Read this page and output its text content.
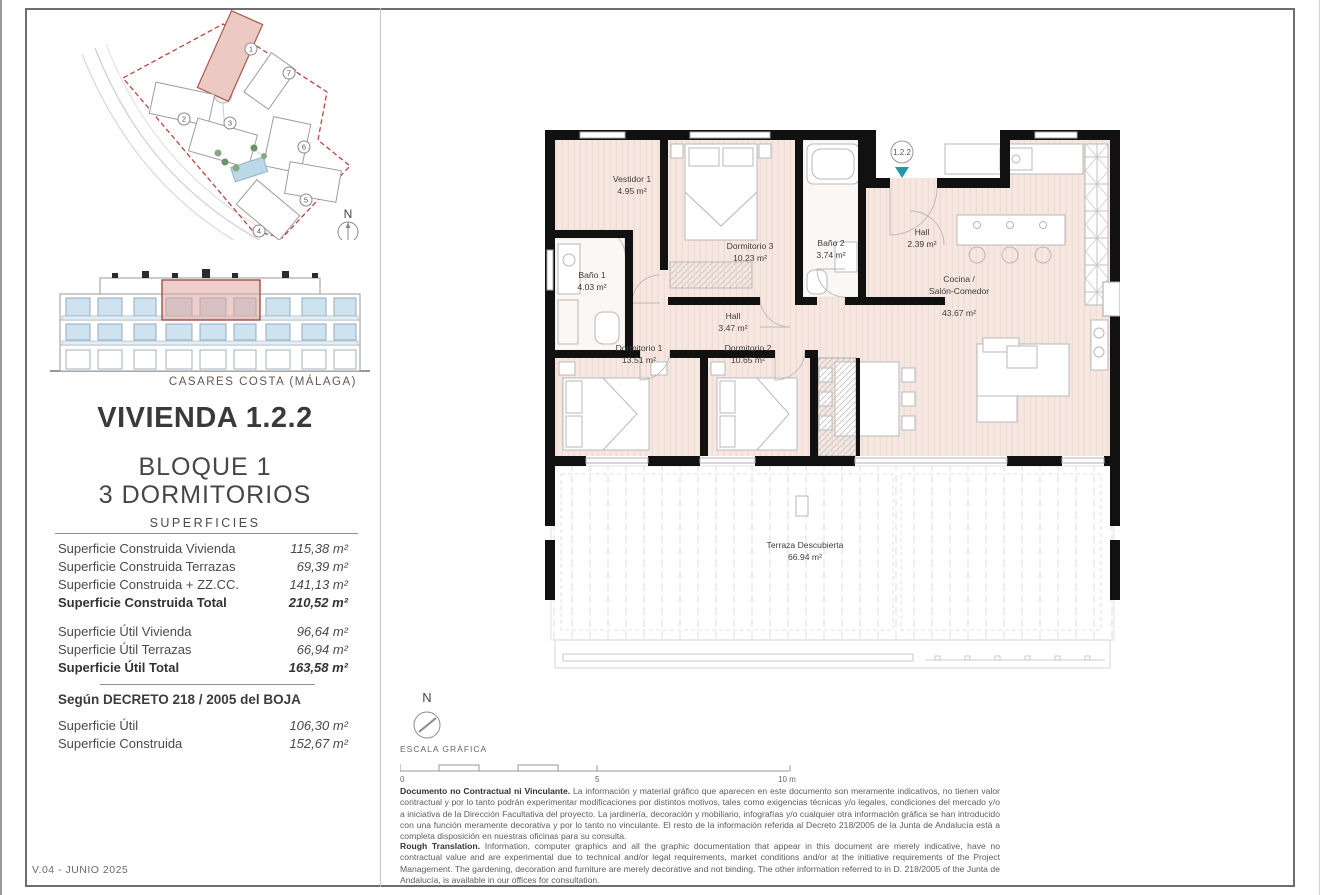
1
7
2	3
6
5
4
N
CASARES COSTA (MÁLAGA)
VIVIENDA 1.2.2
BLOQUE 1
3 DORMITORIOS
SUPERFICIES
Superficie Construida Vivienda	115,38 m²
Superficie Construida Terrazas	69,39 m²
Superficie Construida + ZZ.CC.	141,13 m²
Superficie Construida Total	210,52 m²
Superficie Útil Vivienda	96,64 m²
Superficie Útil Terrazas	66,94 m²
Superficie Útil Total	163,58 m²
Según DECRETO 218 / 2005 del BOJA
Superficie Útil	106,30 m²
Superficie Construida	152,67 m²
V.04 - JUNIO 2025
1.2.2
Vestidor 1
4.95 m²
Dormitorio 3
10.23 m²
Baño 2
3.74 m²
Hall
2.39 m²
Baño 1
4.03 m²
Hall
3.47 m²
Cocina /
Salón-Comedor
43.67 m²
Dormitorio 1
13.51 m²
Dormitorio 2
10.65 m²
Terraza Descubierta
66.94 m²
N
ESCALA GRÁFICA
0	5	10 m
Documento no Contractual ni Vinculante. La información y material gráfico que aparecen en este documento son meramente indicativos, no tienen valor contractual y por lo tanto podrán experimentar modificaciones por distintos motivos, tales como exigencias técnicas y/o legales, condiciones del mercado y/o a iniciativa de la Dirección Facultativa del proyecto. La jardinería, decoración y mobiliario, infografías y/o cualquier otra información gráfica se han introducido con una función meramente decorativa y por lo tanto no vinculante. El resto de la información referida al Decreto 218/2005 de la Junta de Andalucía está a completa disposición en nuestras oficinas para su consulta.
Rough Translation. Information, computer graphics and all the graphic documentation that appear in this document are merely indicative, have no contractual value and are experimental due to technical and/or legal requirements, market conditions and/or at the initiative requirements of the Project Management. The gardening, decoration and furniture are merely decorative and not binding. The other information referred to in D. 218/2005 of the Junta de Andalucía, is available in our offices for consultation.
